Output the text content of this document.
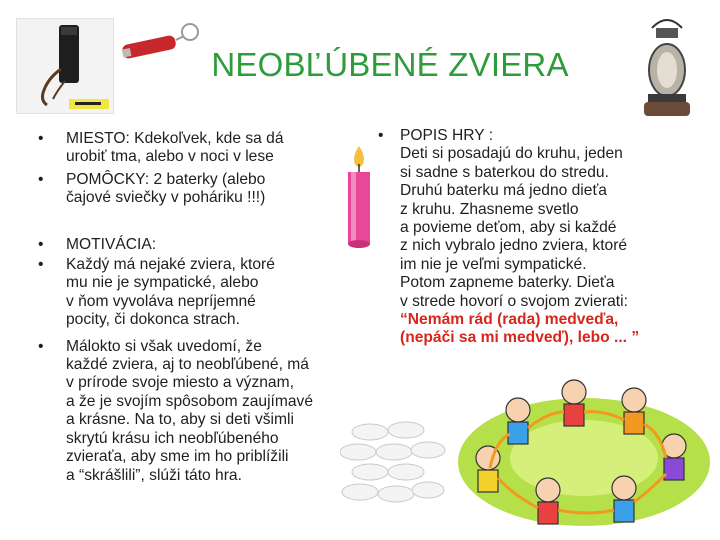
NEOBĽÚBENÉ ZVIERA
• MIESTO: Kdekoľvek, kde sa dá
urobiť tma, alebo v noci v lese
• POMÔCKY: 2 baterky (alebo
čajové sviečky v poháriku !!!)
• MOTIVÁCIA:
• Každý má nejaké zviera, ktoré
mu nie je sympatické, alebo
v ňom vyvoláva nepríjemné
pocity, či dokonca strach.
• Málokto si však uvedomí, že
každé zviera, aj to neobľúbené, má
v prírode svoje miesto a význam,
a že je svojím spôsobom zaujímavé
a krásne. Na to, aby si deti všimli
skrytú krásu ich neobľúbeného
zvieraťa, aby sme im ho priblížili
a “skrášlili”, slúži táto hra.
• POPIS HRY :
Deti si posadajú do kruhu, jeden
si sadne s baterkou do stredu.
Druhú baterku má jedno dieťa
z kruhu. Zhasneme svetlo
a povieme deťom, aby si každé
z nich vybralo jedno zviera, ktoré
im nie je veľmi sympatické.
Potom zapneme baterky. Dieťa
v strede hovorí o svojom zvierati:
“Nemám rád (rada) medveďa,
(nepáči sa mi medveď), lebo ... ”
